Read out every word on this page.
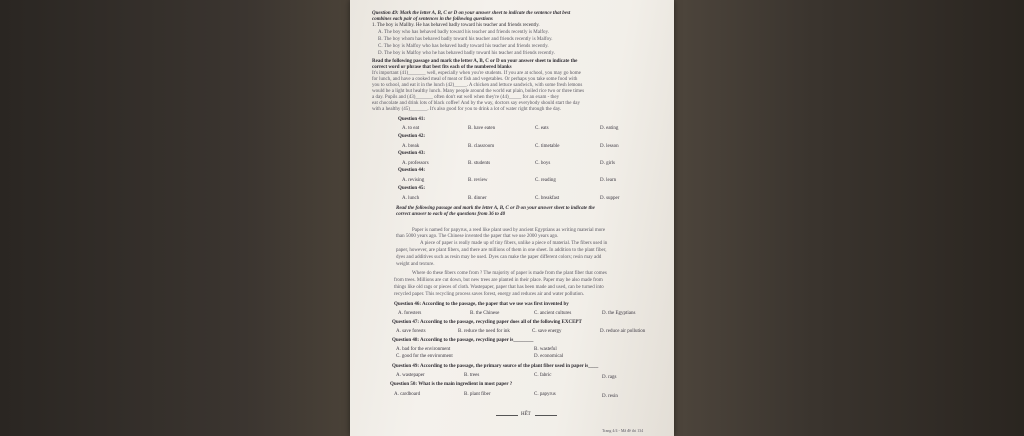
Question 49: Mark the letter A, B, C or D on your answer sheet to indicate the sentence that best
combines each pair of sentences in the following questions
1. The boy is Mallby. He has behaved badly toward his teacher and friends recently.
A. The boy who has behaved badly toward his teacher and friends recently is Malfoy.
B. The boy whom has behaved badly toward his teacher and friends recently is Malfoy.
C. The boy is Malfoy who has behaved badly toward his teacher and friends recently.
D. The boy is Malfoy who he has behaved badly toward his teacher and friends recently.
Read the following passage and mark the letter A, B, C or D on your answer sheet to indicate the
correct word or phrase that best fits each of the numbered blanks
It's important (41)_______ well, especially when you're students. If you are at school, you may go home
for lunch, and have a cooked meal of meat or fish and vegetables. Or perhaps you take some food with
you to school, and eat it in the lunch (42)_____. A chicken and lettuce sandwich, with some fresh lemons
would be a light but healthy lunch. Many people around the world eat plain, boiled rice two or three times
a day. Pupils and (43)_______ often don't eat well when they're (44)_____ for an exam - they
eat chocolate and drink lots of black coffee! And by the way, doctors say everybody should start the day
with a healthy (45)_______. It's also good for you to drink a lot of water right through the day.
Question 41:
A. to eat	B. have eaten	C. eats	D. eating
Question 42:
A. break	B. classroom	C. timetable	D. lesson
Question 43:
A. professors	B. students	C. boys	D. girls
Question 44:
A. revising	B. review	C. reading	D. learn
Question 45:
A. lunch	B. dinner	C. breakfast	D. supper
Read the following passage and mark the letter A, B, C or D on your answer sheet to indicate the
correct answer to each of the questions from 36 to 40
Paper is named for papyrus, a reed like plant used by ancient Egyptians as writing material more
than 5000 years ago. The Chinese invented the paper that we use 2000 years ago.
A piece of paper is really made up of tiny fibers, unlike a piece of material. The fibers used in
paper, however, are plant fibers, and there are millions of them in one sheet. In addition to the plant fiber,
dyes and additives such as resin may be used. Dyes can make the paper different colors; resin may add
weight and texture.
Where do these fibers come from ? The majority of paper is made from the plant fiber that comes
from trees. Millions are cut down, but new trees are planted in their place. Paper may be also made from
things like old rags or pieces of cloth. Wastepaper, paper that has been made and used, can be turned into
recycled paper. This recycling process saves forest, energy and reduces air and water pollution.
Question 46: According to the passage, the paper that we use was first invented by
A. foresters	B. the Chinese	C. ancient cultures	D. the Egyptians
Question 47: According to the passage, recycling paper does all of the following EXCEPT
A. save forests	B. reduce the need for ink	C. save energy	D. reduce air pollution
Question 48: According to the passage, recycling paper is________
A. bad for the environment	B. wasteful
C. good for the environment	D. economical
Question 49: According to the passage, the primary source of the plant fiber used in paper is____
A. wastepaper	B. trees	C. fabric	D. rags
Question 50: What is the main ingredient in most paper ?
A. cardboard	B. plant fiber	C. papyrus	D. resin
HẾT
Trang 4/4 - Mã đề thi 134
